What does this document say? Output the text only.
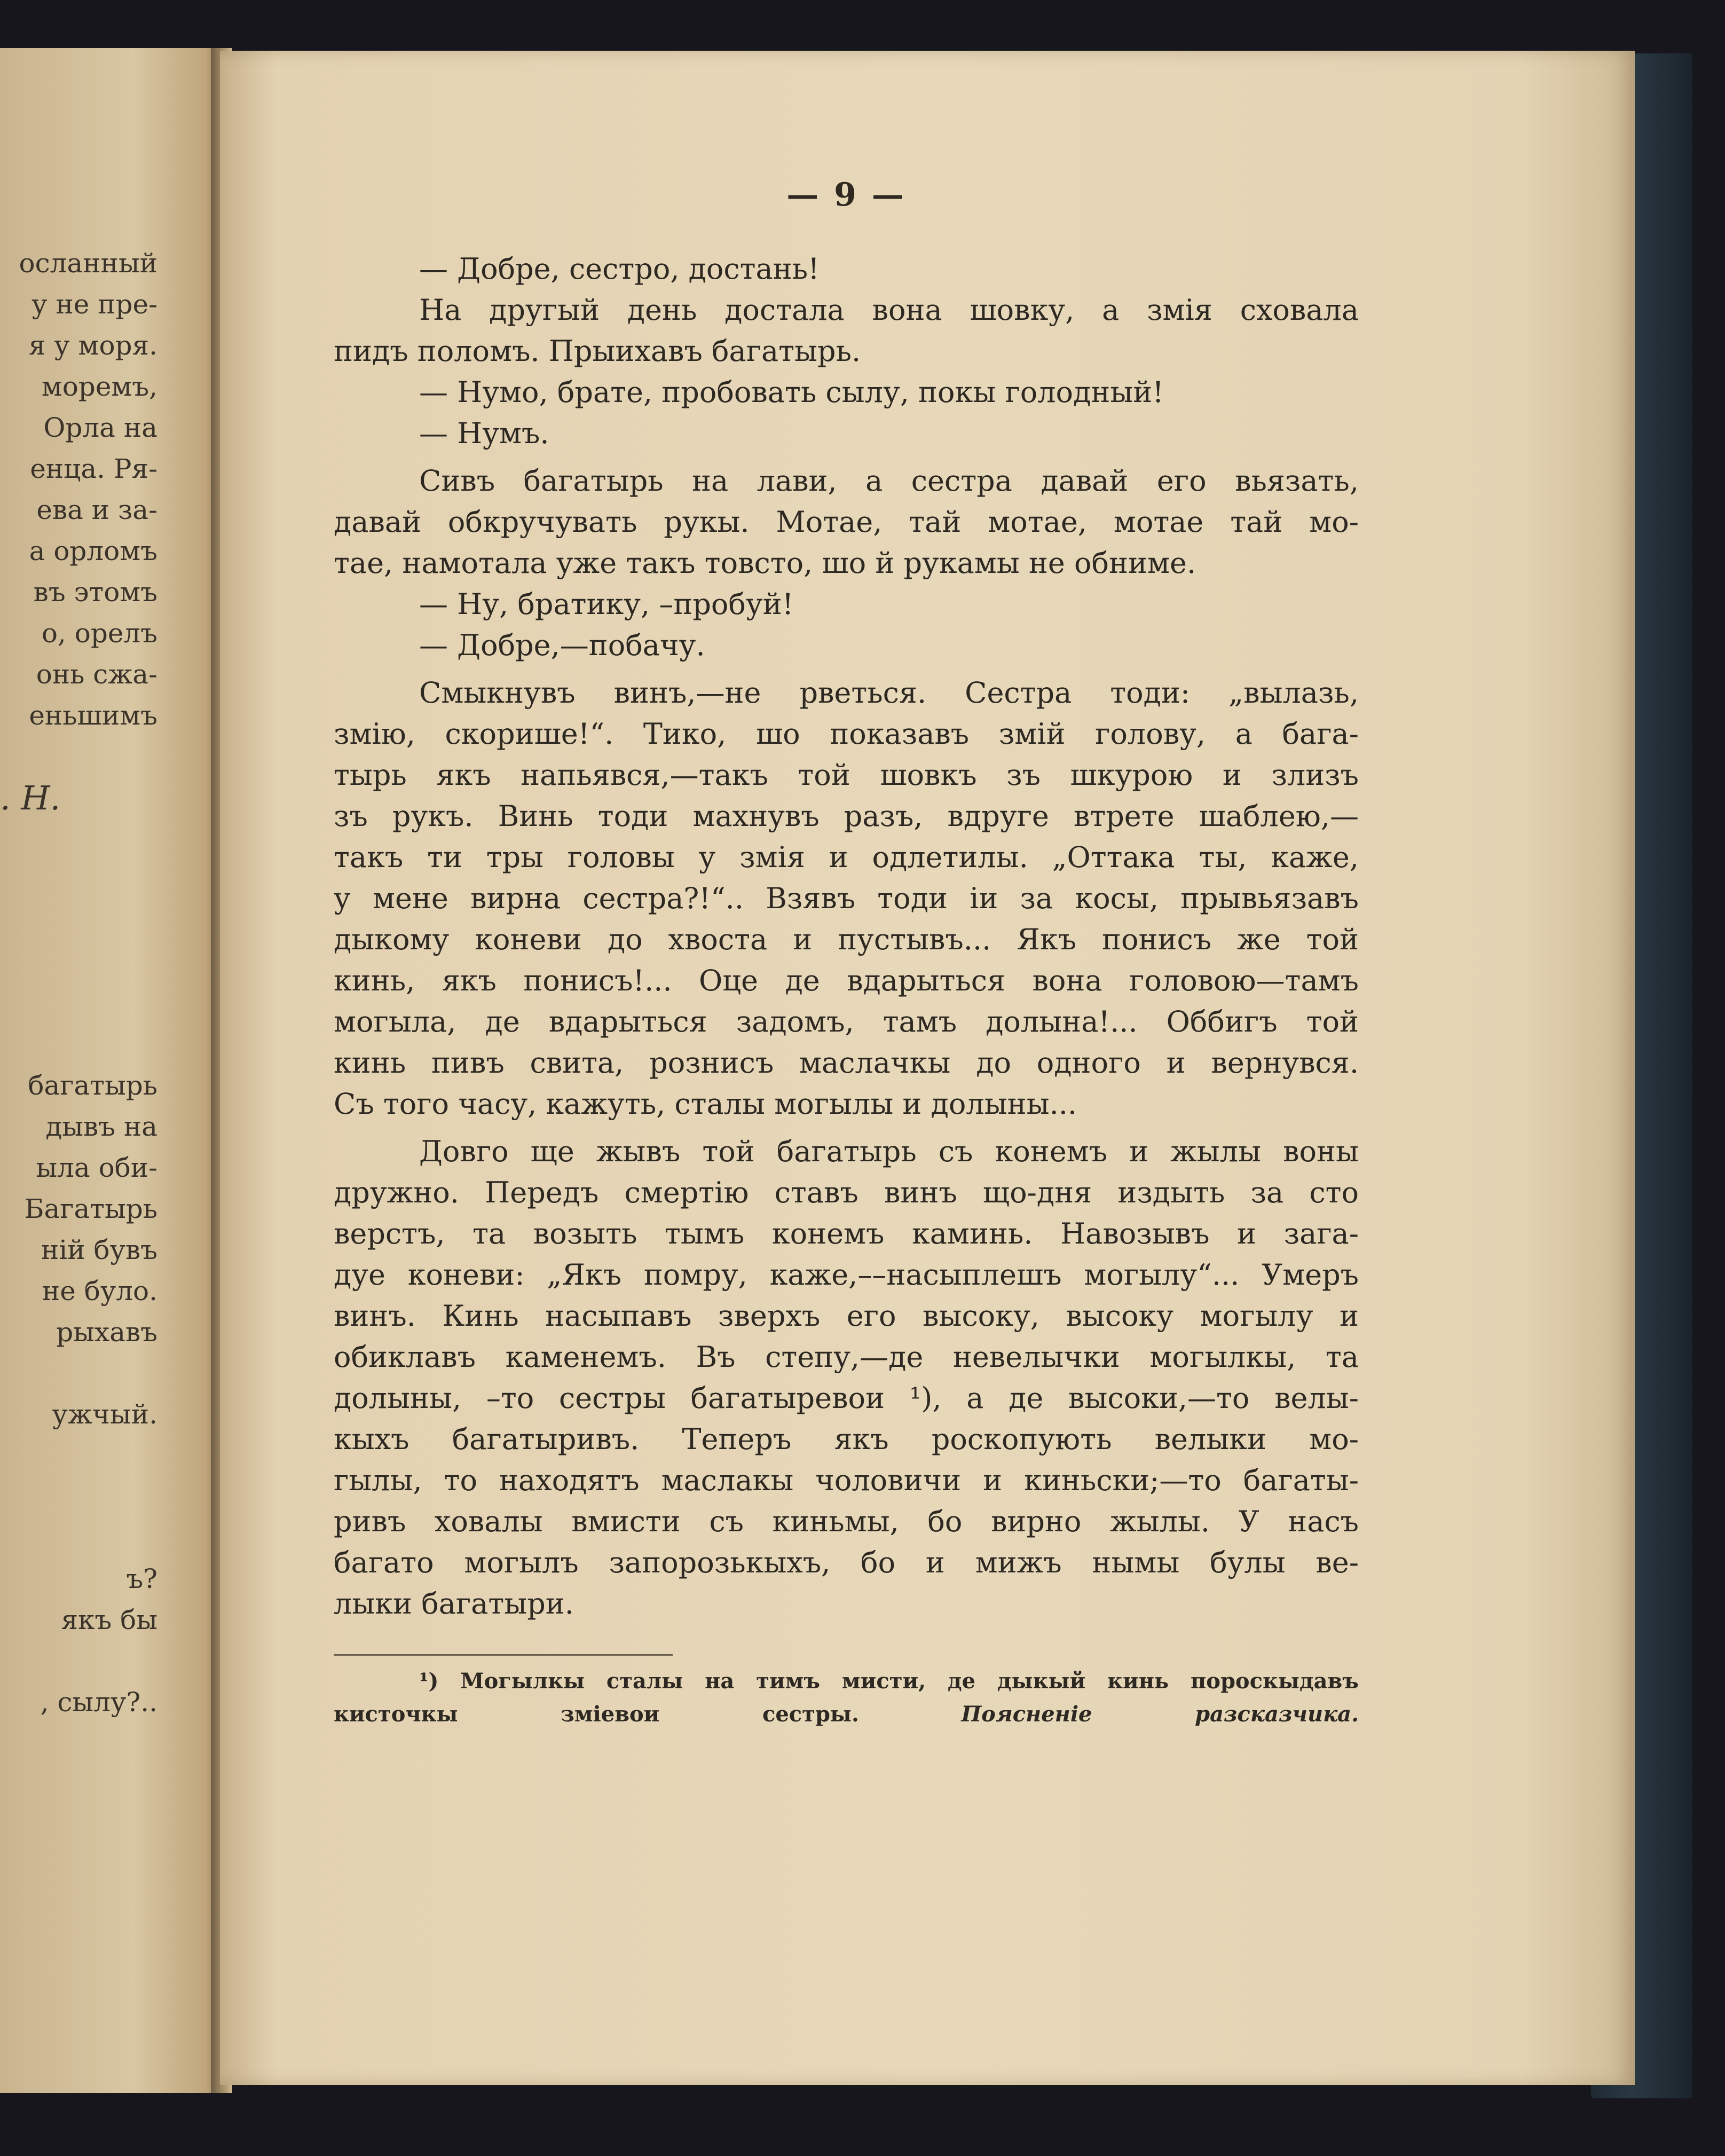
осланный
у не пре-
я у моря.
моремъ,
Орла на
енца. Ря-
ева и за-
а орломъ
въ этомъ
о, орелъ
онь сжа-
еньшимъ
. Н.
багатырь
дывъ на
ыла оби-
Багатырь
ній бувъ
не було.
рыхавъ
ужчый.
ъ?
якъ бы
, сылу?..
— 9 —
— Добре, сестро, достань!
На другый день достала вона шовку, а змія сховала
пидъ поломъ. Прыихавъ багатырь.
— Нумо, брате, пробовать сылу, покы голодный!
— Нумъ.
Сивъ багатырь на лави, а сестра давай его вьязать,
давай обкручувать рукы. Мотае, тай мотае, мотае тай мо-
тае, намотала уже такъ товсто, шо й рукамы не обниме.
— Ну, братику, –пробуй!
— Добре,—побачу.
Смыкнувъ винъ,—не рветься. Сестра тоди: „вылазь,
змію, скорише!“. Тико, шо показавъ змій голову, а бага-
тырь якъ напьявся,—такъ той шовкъ зъ шкурою и злизъ
зъ рукъ. Винь тоди махнувъ разъ, вдруге втрете шаблею,—
такъ ти тры головы у змія и одлетилы. „Оттака ты, каже,
у мене вирна сестра?!“.. Взявъ тоди іи за косы, прывьязавъ
дыкому коневи до хвоста и пустывъ... Якъ понисъ же той
кинь, якъ понисъ!... Оце де вдарыться вона головою—тамъ
могыла, де вдарыться задомъ, тамъ долына!... Оббигъ той
кинь пивъ свита, рознисъ маслачкы до одного и вернувся.
Съ того часу, кажуть, сталы могылы и долыны...
Довго ще жывъ той багатырь съ конемъ и жылы воны
дружно. Передъ смертію ставъ винъ що-дня издыть за сто
верстъ, та возыть тымъ конемъ каминь. Навозывъ и зага-
дуе коневи: „Якъ помру, каже,––насыплешъ могылу“... Умеръ
винъ. Кинь насыпавъ зверхъ его высоку, высоку могылу и
обиклавъ каменемъ. Въ степу,—де невелычки могылкы, та
долыны, –то сестры багатыревои ¹), а де высоки,—то велы-
кыхъ багатыривъ. Теперъ якъ роскопують велыки мо-
гылы, то находятъ маслакы чоловичи и киньски;—то багаты-
ривъ ховалы вмисти съ киньмы, бо вирно жылы. У насъ
багато могылъ запорозькыхъ, бо и мижъ нымы булы ве-
лыки багатыри.
¹) Могылкы сталы на тимъ мисти, де дыкый кинь пороскыдавъ
кисточкы зміевои сестры.	Поясненіе разсказчика.
